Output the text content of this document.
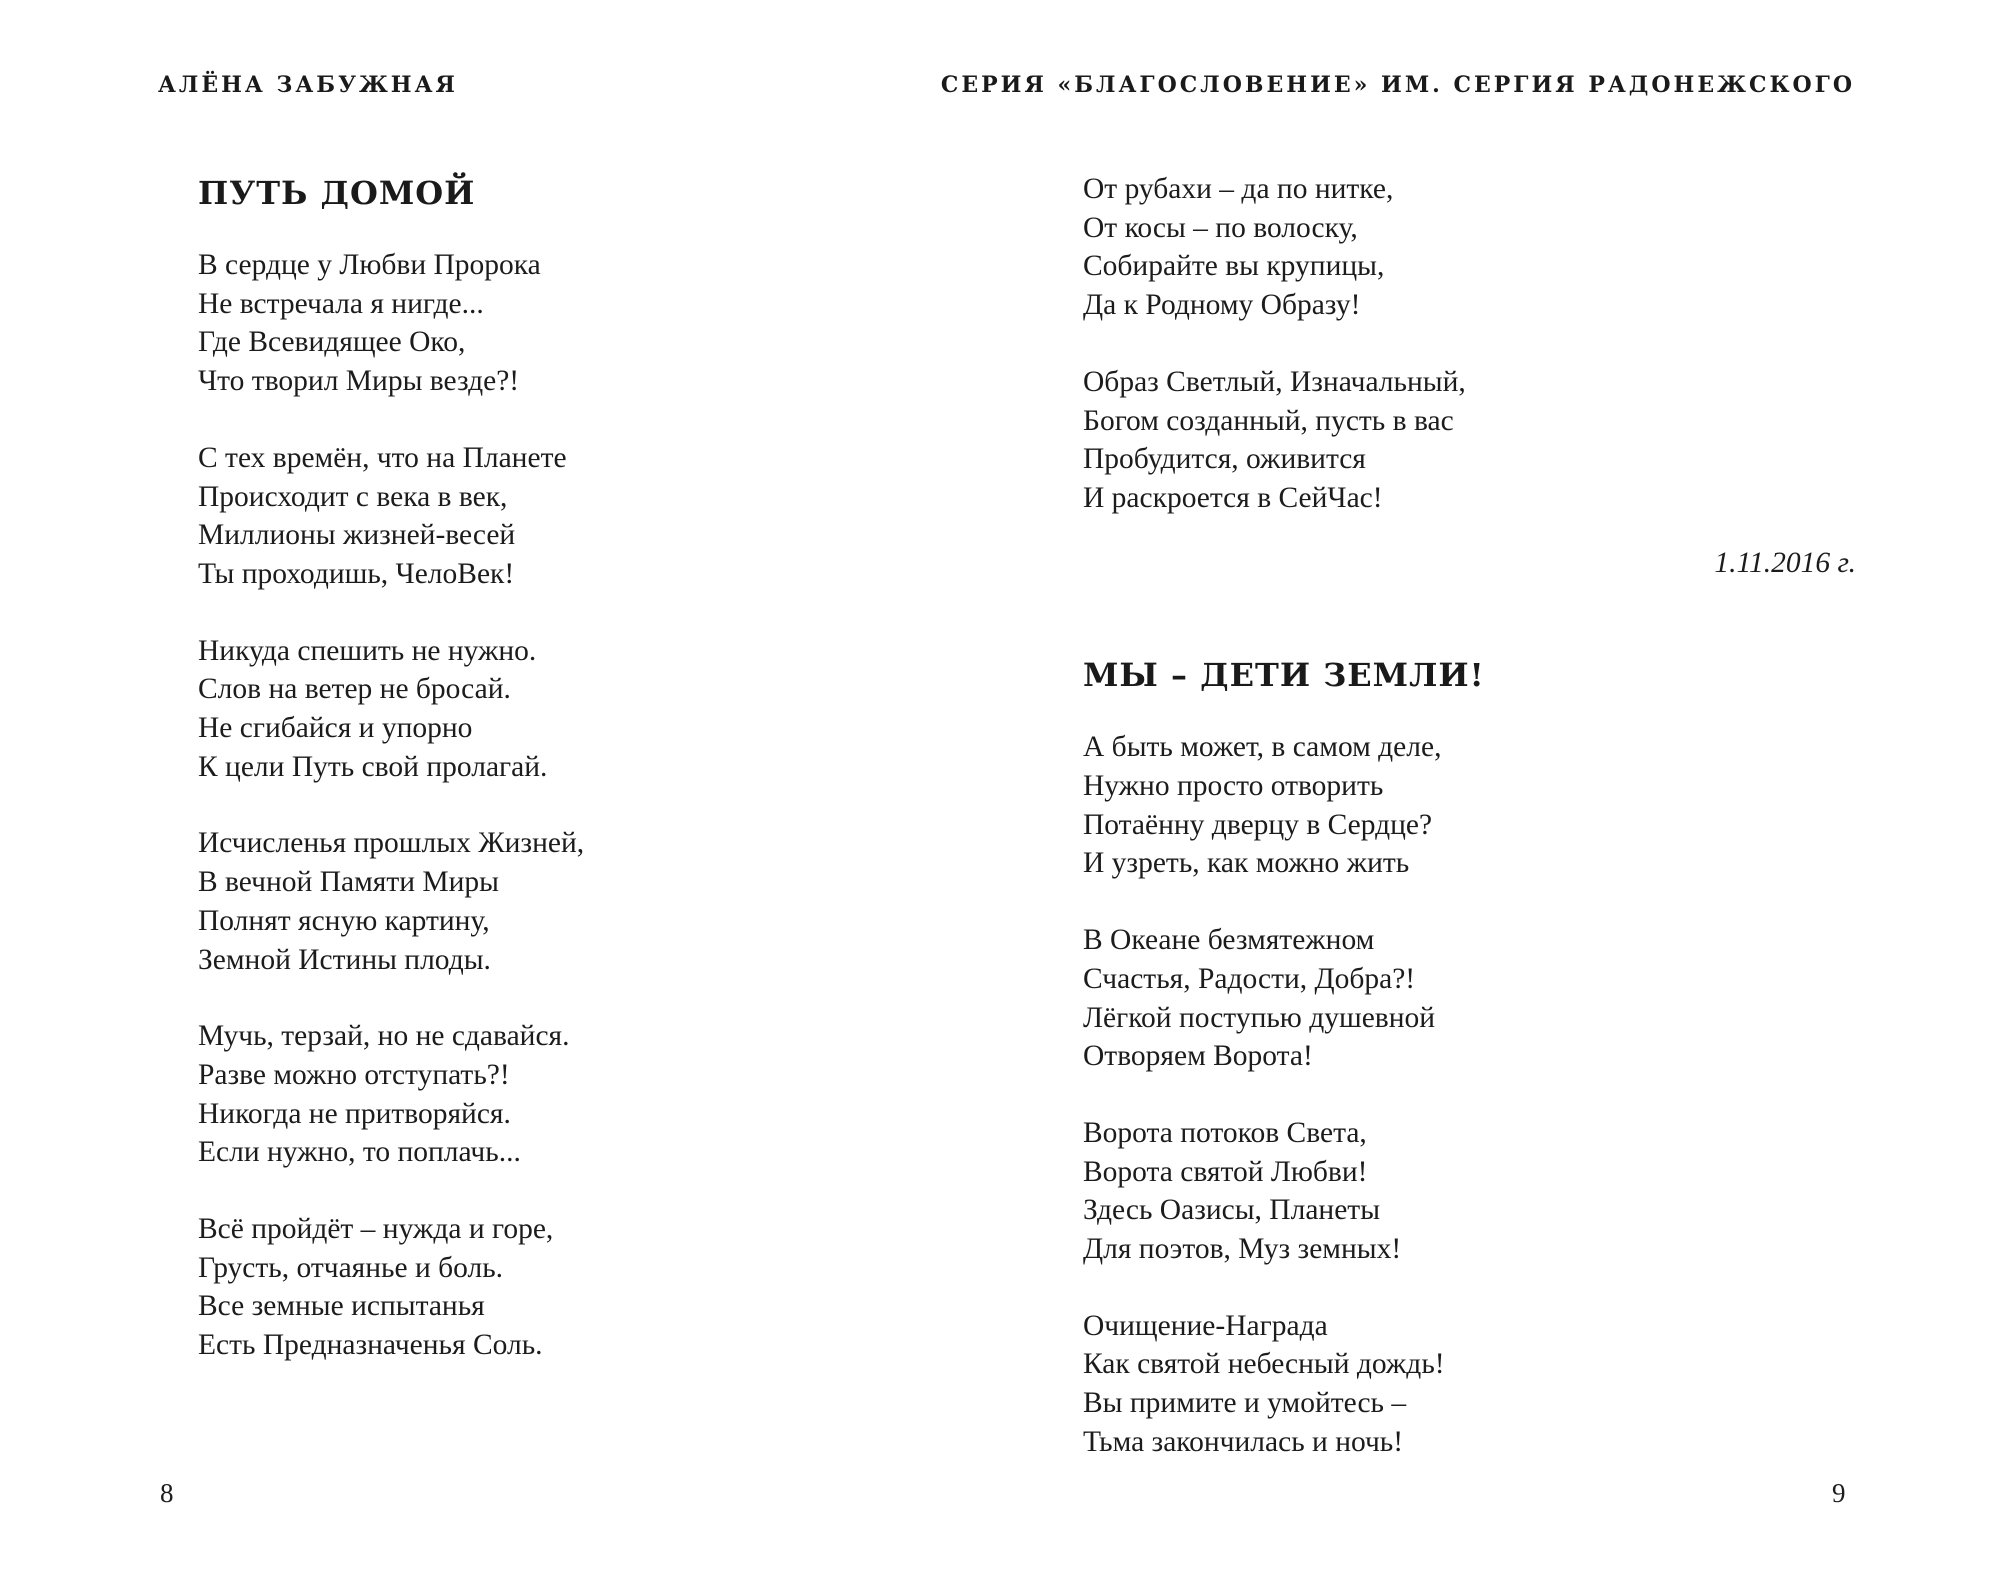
АЛЁНА ЗАБУЖНАЯ	СЕРИЯ «БЛАГОСЛОВЕНИЕ» ИМ. СЕРГИЯ РАДОНЕЖСКОГО
ПУТЬ ДОМОЙ
В сердце у Любви Пророка
Не встречала я нигде...
Где Всевидящее Око,
Что творил Миры везде?!
С тех времён, что на Планете
Происходит с века в век,
Миллионы жизней-весей
Ты проходишь, ЧелоВек!
Никуда спешить не нужно.
Слов на ветер не бросай.
Не сгибайся и упорно
К цели Путь свой пролагай.
Исчисленья прошлых Жизней,
В вечной Памяти Миры
Полнят ясную картину,
Земной Истины плоды.
Мучь, терзай, но не сдавайся.
Разве можно отступать?!
Никогда не притворяйся.
Если нужно, то поплачь...
Всё пройдёт – нужда и горе,
Грусть, отчаянье и боль.
Все земные испытанья
Есть Предназначенья Соль.
От рубахи – да по нитке,
От косы – по волоску,
Собирайте вы крупицы,
Да к Родному Образу!
Образ Светлый, Изначальный,
Богом созданный, пусть в вас
Пробудится, оживится
И раскроется в СейЧас!
1.11.2016 г.
МЫ – ДЕТИ ЗЕМЛИ!
А быть может, в самом деле,
Нужно просто отворить
Потаённу дверцу в Сердце?
И узреть, как можно жить
В Океане безмятежном
Счастья, Радости, Добра?!
Лёгкой поступью душевной
Отворяем Ворота!
Ворота потоков Света,
Ворота святой Любви!
Здесь Оазисы, Планеты
Для поэтов, Муз земных!
Очищение-Награда
Как святой небесный дождь!
Вы примите и умойтесь –
Тьма закончилась и ночь!
8	9
